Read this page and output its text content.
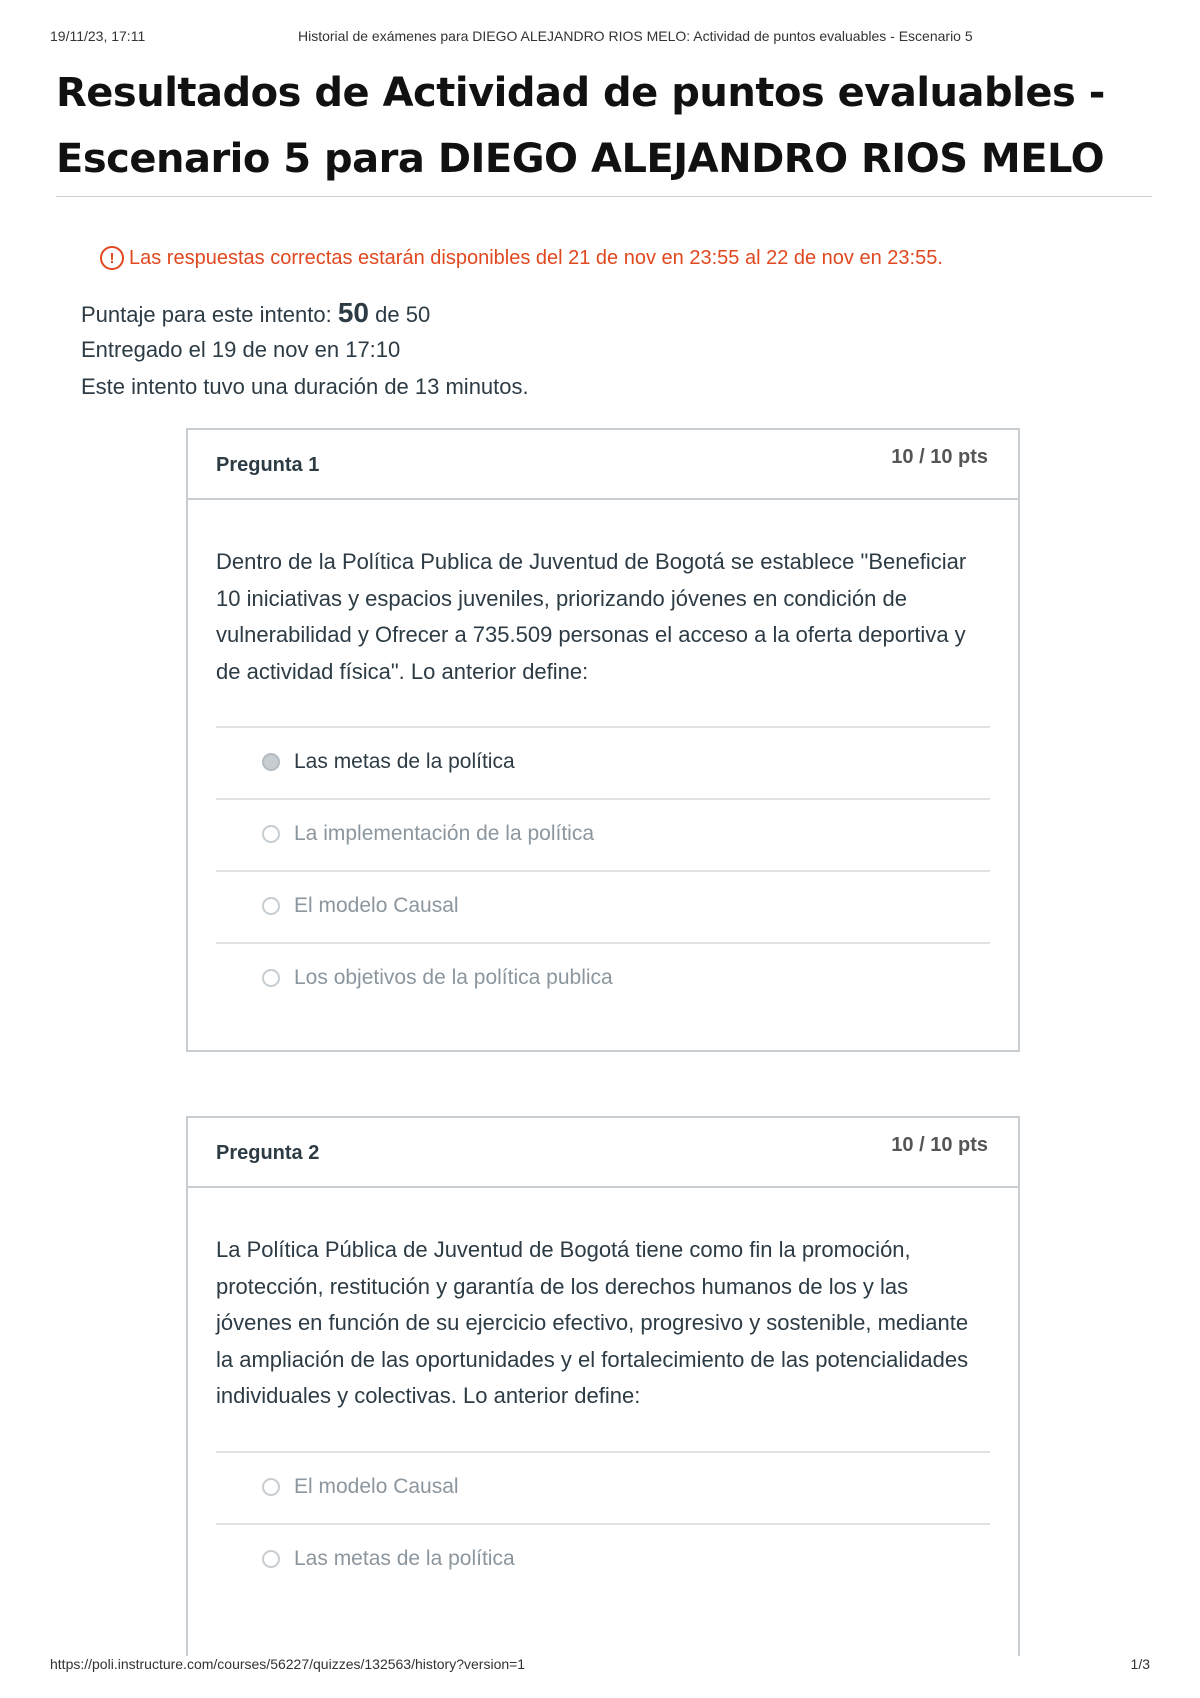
19/11/23, 17:11	Historial de exámenes para DIEGO ALEJANDRO RIOS MELO: Actividad de puntos evaluables - Escenario 5
Resultados de Actividad de puntos evaluables -
Escenario 5 para DIEGO ALEJANDRO RIOS MELO
! Las respuestas correctas estarán disponibles del 21 de nov en 23:55 al 22 de nov en 23:55.
Puntaje para este intento: 50 de 50
Entregado el 19 de nov en 17:10
Este intento tuvo una duración de 13 minutos.
Pregunta 1	10 / 10 pts
Dentro de la Política Publica de Juventud de Bogotá se establece "Beneficiar 10 iniciativas y espacios juveniles, priorizando jóvenes en condición de vulnerabilidad y Ofrecer a 735.509 personas el acceso a la oferta deportiva y de actividad física". Lo anterior define:
Las metas de la política
La implementación de la política
El modelo Causal
Los objetivos de la política publica
Pregunta 2	10 / 10 pts
La Política Pública de Juventud de Bogotá tiene como fin la promoción, protección, restitución y garantía de los derechos humanos de los y las jóvenes en función de su ejercicio efectivo, progresivo y sostenible, mediante la ampliación de las oportunidades y el fortalecimiento de las potencialidades individuales y colectivas. Lo anterior define:
El modelo Causal
Las metas de la política
https://poli.instructure.com/courses/56227/quizzes/132563/history?version=1	1/3
